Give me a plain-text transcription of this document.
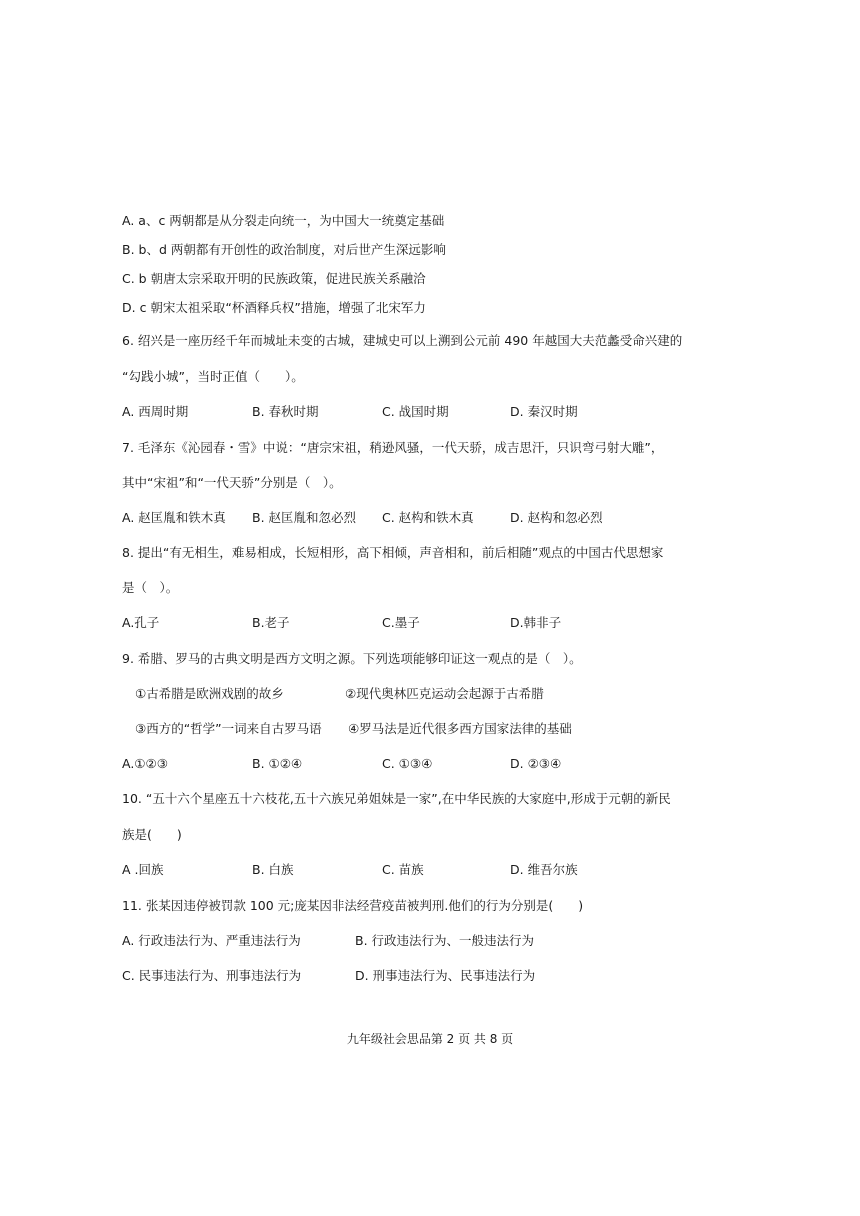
A. a、c 两朝都是从分裂走向统一，为中国大一统奠定基础
B. b、d 两朝都有开创性的政治制度，对后世产生深远影响
C. b 朝唐太宗采取开明的民族政策，促进民族关系融洽
D. c 朝宋太祖采取“杯酒释兵权”措施，增强了北宋军力
6. 绍兴是一座历经千年而城址未变的古城，建城史可以上溯到公元前 490 年越国大夫范蠡受命兴建的
“勾践小城”，当时正值（　　）。
A. 西周时期	B. 春秋时期	C. 战国时期	D. 秦汉时期
7. 毛泽东《沁园春・雪》中说：“唐宗宋祖，稍逊风骚，一代天骄，成吉思汗，只识弯弓射大雕”，
其中“宋祖”和“一代天骄”分别是（　）。
A. 赵匡胤和铁木真 B. 赵匡胤和忽必烈 C. 赵构和铁木真	D. 赵构和忽必烈
8. 提出“有无相生，难易相成，长短相形，高下相倾，声音相和，前后相随”观点的中国古代思想家
是（　）。
A.孔子	B.老子	C.墨子	D.韩非子
9. 希腊、罗马的古典文明是西方文明之源。下列选项能够印证这一观点的是（　）。
①古希腊是欧洲戏剧的故乡	②现代奥林匹克运动会起源于古希腊
③西方的“哲学”一词来自古罗马语 ④罗马法是近代很多西方国家法律的基础
A.①②③	B. ①②④	C. ①③④	D. ②③④
10. “五十六个星座五十六枝花,五十六族兄弟姐妹是一家”,在中华民族的大家庭中,形成于元朝的新民
族是(　　)
A .回族	B. 白族	C. 苗族	D. 维吾尔族
11. 张某因违停被罚款 100 元;庞某因非法经营疫苗被判刑.他们的行为分别是(　　)
A. 行政违法行为、严重违法行为	B. 行政违法行为、一般违法行为
C. 民事违法行为、刑事违法行为	D. 刑事违法行为、民事违法行为
九年级社会思品第 2 页 共 8 页
